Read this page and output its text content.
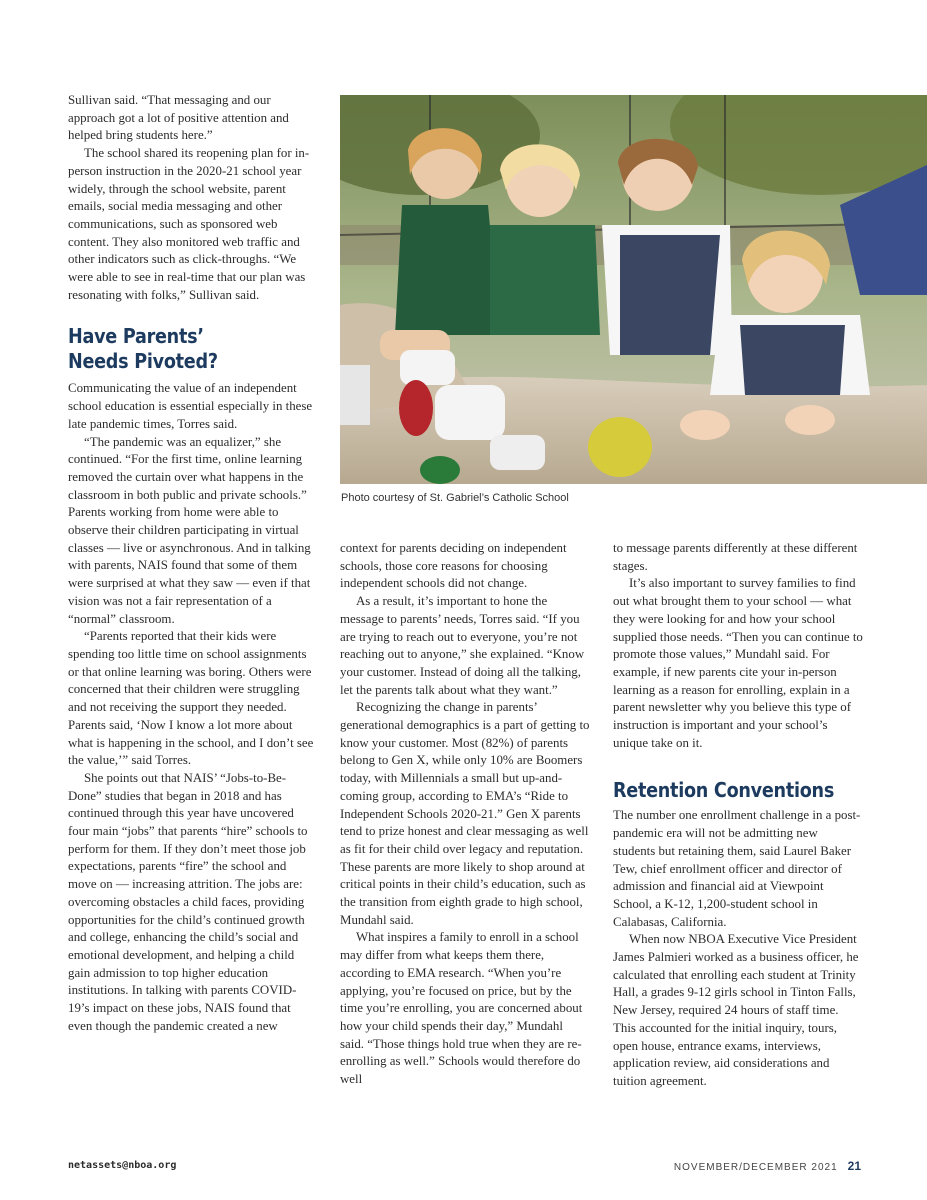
Sullivan said. “That messaging and our approach got a lot of positive attention and helped bring students here.”

The school shared its reopening plan for in-person instruction in the 2020-21 school year widely, through the school website, parent emails, social media messaging and other communications, such as sponsored web content. They also monitored web traffic and other indicators such as click-throughs. “We were able to see in real-time that our plan was resonating with folks,” Sullivan said.

Have Parents’ Needs Pivoted?

Communicating the value of an independent school education is essential especially in these late pandemic times, Torres said.

“The pandemic was an equalizer,” she continued. “For the first time, online learning removed the curtain over what happens in the classroom in both public and private schools.” Parents working from home were able to observe their children participating in virtual classes — live or asynchronous. And in talking with parents, NAIS found that some of them were surprised at what they saw — even if that vision was not a fair representation of a “normal” classroom.

“Parents reported that their kids were spending too little time on school assignments or that online learning was boring. Others were concerned that their children were struggling and not receiving the support they needed. Parents said, ‘Now I know a lot more about what is happening in the school, and I don’t see the value,’” said Torres.

She points out that NAIS’ “Jobs-to-Be-Done” studies that began in 2018 and has continued through this year have uncovered four main “jobs” that parents “hire” schools to perform for them. If they don’t meet those job expectations, parents “fire” the school and move on — increasing attrition. The jobs are: overcoming obstacles a child faces, providing opportunities for the child’s continued growth and college, enhancing the child’s social and emotional development, and helping a child gain admission to top higher education institutions. In talking with parents COVID-19’s impact on these jobs, NAIS found that even though the pandemic created a new

Photo courtesy of St. Gabriel’s Catholic School

context for parents deciding on independent schools, those core reasons for choosing independent schools did not change.

As a result, it’s important to hone the message to parents’ needs, Torres said. “If you are trying to reach out to everyone, you’re not reaching out to anyone,” she explained. “Know your customer. Instead of doing all the talking, let the parents talk about what they want.”

Recognizing the change in parents’ generational demographics is a part of getting to know your customer. Most (82%) of parents belong to Gen X, while only 10% are Boomers today, with Millennials a small but up-and-coming group, according to EMA’s “Ride to Independent Schools 2020-21.” Gen X parents tend to prize honest and clear messaging as well as fit for their child over legacy and reputation. These parents are more likely to shop around at critical points in their child’s education, such as the transition from eighth grade to high school, Mundahl said.

What inspires a family to enroll in a school may differ from what keeps them there, according to EMA research. “When you’re applying, you’re focused on price, but by the time you’re enrolling, you are concerned about how your child spends their day,” Mundahl said. “Those things hold true when they are re-enrolling as well.” Schools would therefore do well

to message parents differently at these different stages.

It’s also important to survey families to find out what brought them to your school — what they were looking for and how your school supplied those needs. “Then you can continue to promote those values,” Mundahl said. For example, if new parents cite your in-person learning as a reason for enrolling, explain in a parent newsletter why you believe this type of instruction is important and your school’s unique take on it.

Retention Conventions

The number one enrollment challenge in a post-pandemic era will not be admitting new students but retaining them, said Laurel Baker Tew, chief enrollment officer and director of admission and financial aid at Viewpoint School, a K-12, 1,200-student school in Calabasas, California.

When now NBOA Executive Vice President James Palmieri worked as a business officer, he calculated that enrolling each student at Trinity Hall, a grades 9-12 girls school in Tinton Falls, New Jersey, required 24 hours of staff time. This accounted for the initial inquiry, tours, open house, entrance exams, interviews, application review, aid considerations and tuition agreement.

netassets@nboa.org	NOVEMBER/DECEMBER 2021 21
